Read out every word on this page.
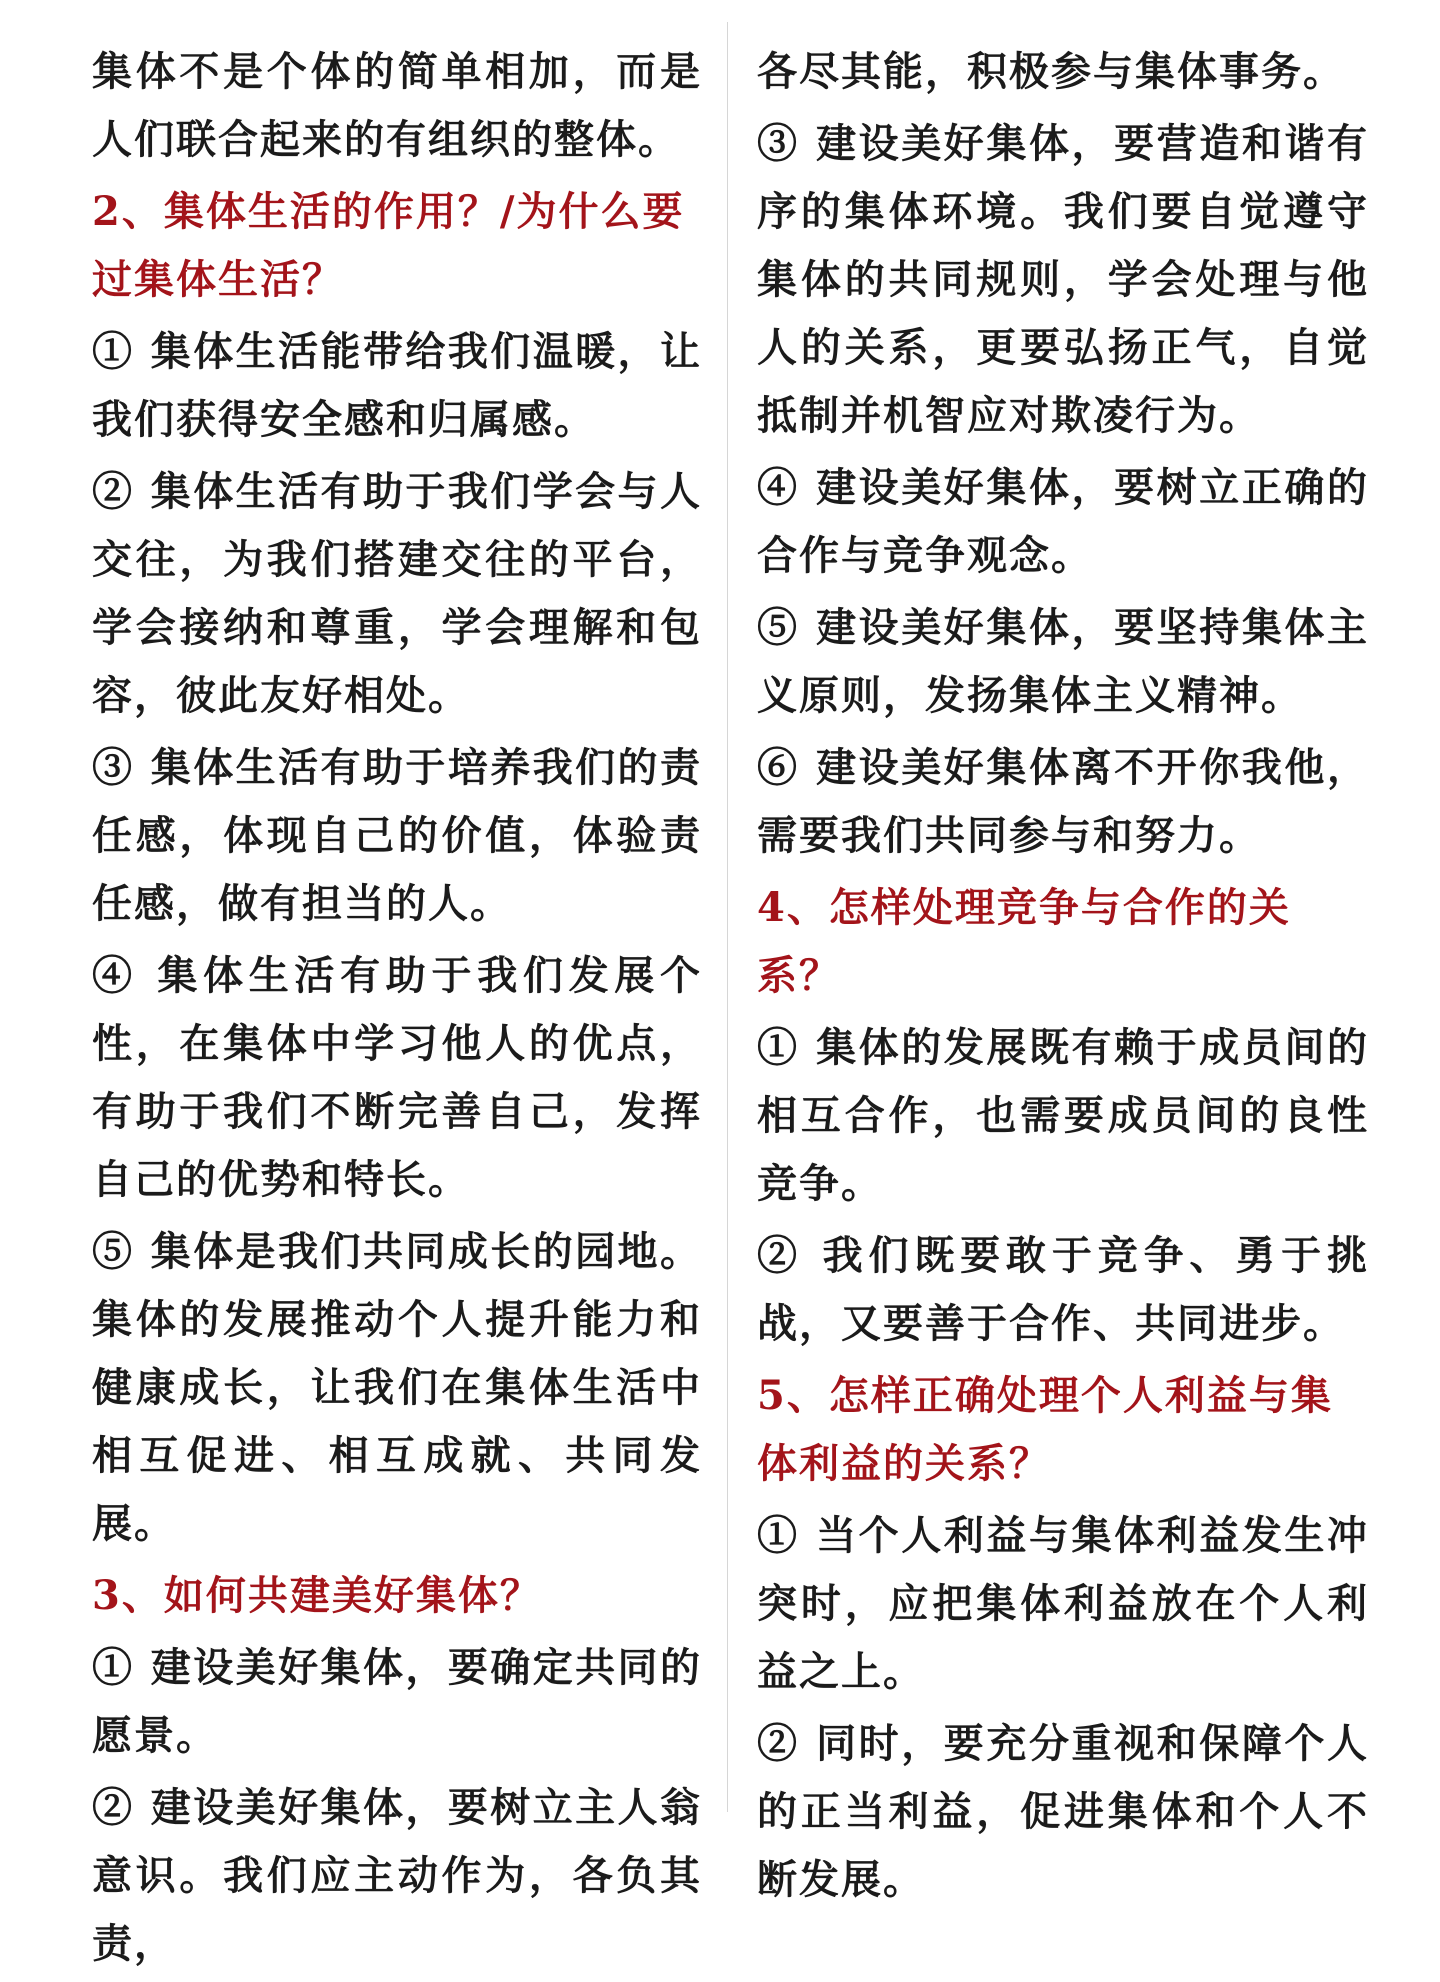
集体不是个体的简单相加，而是人们联合起来的有组织的整体。

2、集体生活的作用？/为什么要过集体生活？

① 集体生活能带给我们温暖，让我们获得安全感和归属感。

② 集体生活有助于我们学会与人交往，为我们搭建交往的平台，学会接纳和尊重，学会理解和包容，彼此友好相处。

③ 集体生活有助于培养我们的责任感，体现自己的价值，体验责任感，做有担当的人。

④ 集体生活有助于我们发展个性，在集体中学习他人的优点，有助于我们不断完善自己，发挥自己的优势和特长。

⑤ 集体是我们共同成长的园地。集体的发展推动个人提升能力和健康成长，让我们在集体生活中相互促进、相互成就、共同发展。

3、如何共建美好集体？

① 建设美好集体，要确定共同的愿景。

② 建设美好集体，要树立主人翁意识。我们应主动作为，各负其责，

各尽其能，积极参与集体事务。

③ 建设美好集体，要营造和谐有序的集体环境。我们要自觉遵守集体的共同规则，学会处理与他人的关系，更要弘扬正气，自觉抵制并机智应对欺凌行为。

④ 建设美好集体，要树立正确的合作与竞争观念。

⑤ 建设美好集体，要坚持集体主义原则，发扬集体主义精神。

⑥ 建设美好集体离不开你我他，需要我们共同参与和努力。

4、怎样处理竞争与合作的关系？

① 集体的发展既有赖于成员间的相互合作，也需要成员间的良性竞争。

② 我们既要敢于竞争、勇于挑战，又要善于合作、共同进步。

5、怎样正确处理个人利益与集体利益的关系？

① 当个人利益与集体利益发生冲突时，应把集体利益放在个人利益之上。

② 同时，要充分重视和保障个人的正当利益，促进集体和个人不断发展。
